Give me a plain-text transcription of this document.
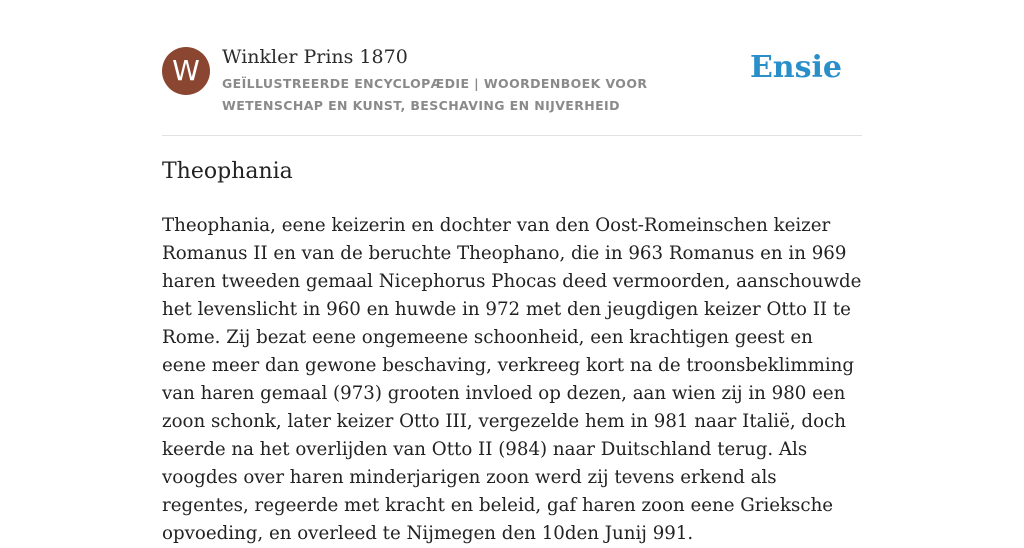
W	Winkler Prins 1870
GEÏLLUSTREERDE ENCYCLOPÆDIE | WOORDENBOEK VOOR WETENSCHAP EN KUNST, BESCHAVING EN NIJVERHEID
Ensie
Theophania

Theophania, eene keizerin en dochter van den Oost-Romeinschen keizer Romanus II en van de beruchte Theophano, die in 963 Romanus en in 969 haren tweeden gemaal Nicephorus Phocas deed vermoorden, aanschouwde het levenslicht in 960 en huwde in 972 met den jeugdigen keizer Otto II te Rome. Zij bezat eene ongemeene schoonheid, een krachtigen geest en eene meer dan gewone beschaving, verkreeg kort na de troonsbeklimming van haren gemaal (973) grooten invloed op dezen, aan wien zij in 980 een zoon schonk, later keizer Otto III, vergezelde hem in 981 naar Italië, doch keerde na het overlijden van Otto II (984) naar Duitschland terug. Als voogdes over haren minderjarigen zoon werd zij tevens erkend als regentes, regeerde met kracht en beleid, gaf haren zoon eene Grieksche opvoeding, en overleed te Nijmegen den 10den Junij 991.
